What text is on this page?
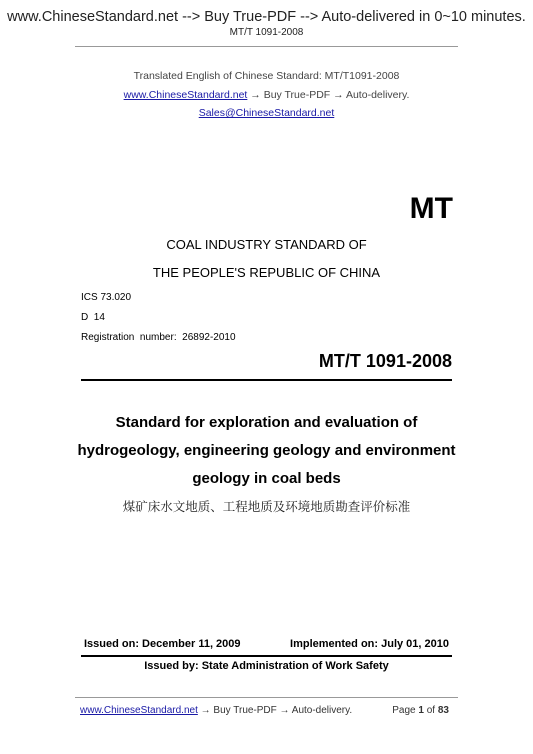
www.ChineseStandard.net --> Buy True-PDF --> Auto-delivered in 0~10 minutes.
MT/T 1091-2008
Translated English of Chinese Standard: MT/T1091-2008
www.ChineseStandard.net → Buy True-PDF → Auto-delivery.
Sales@ChineseStandard.net
MT
COAL INDUSTRY STANDARD OF
THE PEOPLE'S REPUBLIC OF CHINA
ICS 73.020
D  14
Registration  number:  26892-2010
MT/T 1091-2008
Standard for exploration and evaluation of
hydrogeology, engineering geology and environment
geology in coal beds
煤矿床水文地质、工程地质及环境地质勘查评价标准
Issued on: December 11, 2009	Implemented on: July 01, 2010
Issued by: State Administration of Work Safety
www.ChineseStandard.net → Buy True-PDF → Auto-delivery.	Page 1 of 83
